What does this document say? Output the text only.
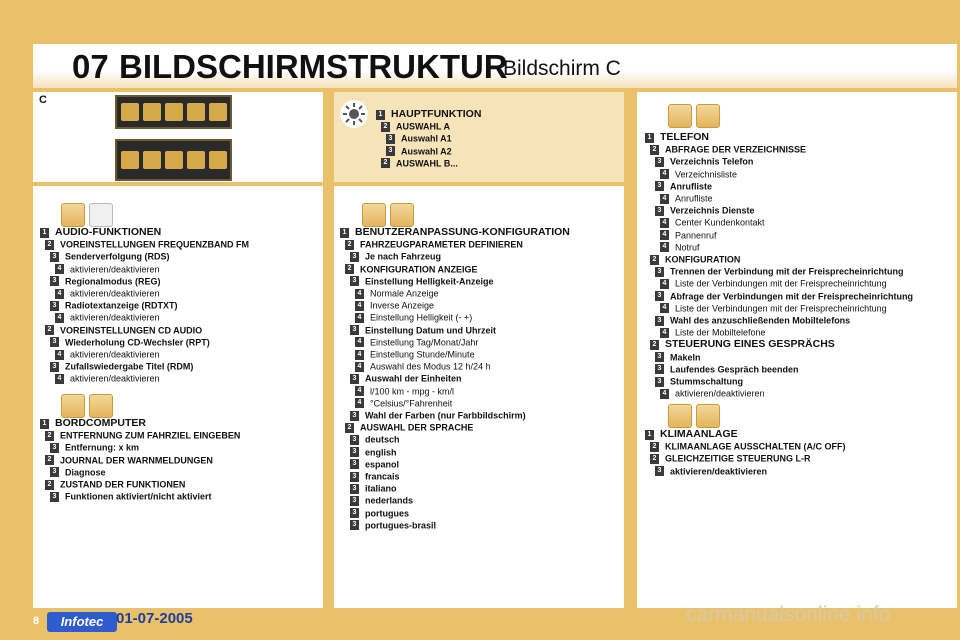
07 BILDSCHIRMSTRUKTUR
Bildschirm C
C
1 AUDIO-FUNKTIONEN
2 VOREINSTELLUNGEN FREQUENZBAND FM
3 Senderverfolgung (RDS)
4 aktivieren/deaktivieren
3 Regionalmodus (REG)
4 aktivieren/deaktivieren
3 Radiotextanzeige (RDTXT)
4 aktivieren/deaktivieren
2 VOREINSTELLUNGEN CD AUDIO
3 Wiederholung CD-Wechsler (RPT)
4 aktivieren/deaktivieren
3 Zufallswiedergabe Titel (RDM)
4 aktivieren/deaktivieren
1 BORDCOMPUTER
2 ENTFERNUNG ZUM FAHRZIEL EINGEBEN
3 Entfernung: x km
2 JOURNAL DER WARNMELDUNGEN
3 Diagnose
2 ZUSTAND DER FUNKTIONEN
3 Funktionen aktiviert/nicht aktiviert
1 HAUPTFUNKTION
2 AUSWAHL A
3 Auswahl A1
3 Auswahl A2
2 AUSWAHL B...
1 BENUTZERANPASSUNG-KONFIGURATION
2 FAHRZEUGPARAMETER DEFINIEREN
3 Je nach Fahrzeug
2 KONFIGURATION ANZEIGE
3 Einstellung Helligkeit-Anzeige
4 Normale Anzeige
4 Inverse Anzeige
4 Einstellung Helligkeit (- +)
3 Einstellung Datum und Uhrzeit
4 Einstellung Tag/Monat/Jahr
4 Einstellung Stunde/Minute
4 Auswahl des Modus 12 h/24 h
3 Auswahl der Einheiten
4 l/100 km - mpg - km/l
4 °Celsius/°Fahrenheit
3 Wahl der Farben (nur Farbbildschirm)
2 AUSWAHL DER SPRACHE
3 deutsch
3 english
3 espanol
3 francais
3 italiano
3 nederlands
3 portugues
3 portugues-brasil
1 TELEFON
2 ABFRAGE DER VERZEICHNISSE
3 Verzeichnis Telefon
4 Verzeichnisliste
3 Anrufliste
4 Anrufliste
3 Verzeichnis Dienste
4 Center Kundenkontakt
4 Pannenruf
4 Notruf
2 KONFIGURATION
3 Trennen der Verbindung mit der Freisprecheinrichtung
4 Liste der Verbindungen mit der Freisprecheinrichtung
3 Abfrage der Verbindungen mit der Freisprecheinrichtung
4 Liste der Verbindungen mit der Freisprecheinrichtung
3 Wahl des anzuschließenden Mobiltelefons
4 Liste der Mobiltelefone
2 STEUERUNG EINES GESPRÄCHS
3 Makeln
3 Laufendes Gespräch beenden
3 Stummschaltung
4 aktivieren/deaktivieren
1 KLIMAANLAGE
2 KLIMAANLAGE AUSSCHALTEN (A/C OFF)
2 GLEICHZEITIGE STEUERUNG L-R
3 aktivieren/deaktivieren
8	Infotec 01-07-2005	carmanualsonline.info
